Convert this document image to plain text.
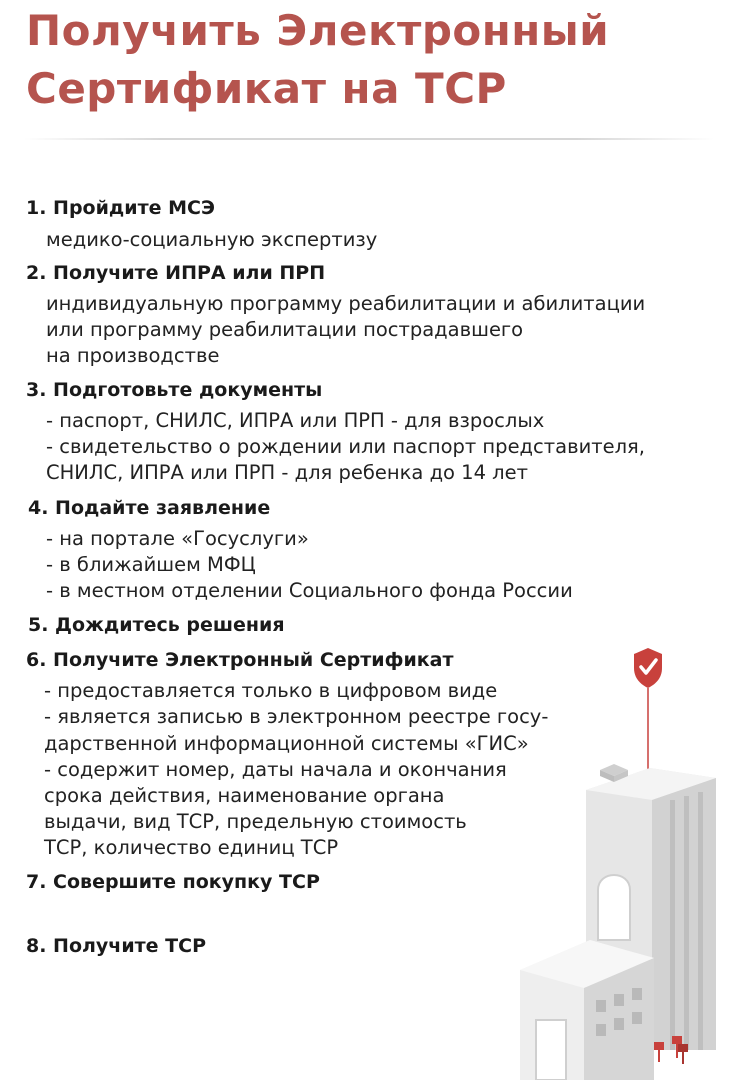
Получить Электронный
Сертификат на ТСР

1. Пройдите МСЭ

медико-социальную экспертизу

2. Получите ИПРА или ПРП

индивидуальную программу реабилитации и абилитации

или программу реабилитации пострадавшего

на производстве

3. Подготовьте документы

- паспорт, СНИЛС, ИПРА или ПРП - для взрослых

- свидетельство о рождении или паспорт представителя,

СНИЛС, ИПРА или ПРП - для ребенка до 14 лет

4. Подайте заявление

- на портале «Госуслуги»

- в ближайшем МФЦ

- в местном отделении Социального фонда России

5. Дождитесь решения

6. Получите Электронный Сертификат

- предоставляется только в цифровом виде

- является записью в электронном реестре госу-

дарственной информационной системы «ГИС»

- содержит номер, даты начала и окончания

срока действия, наименование органа

выдачи, вид ТСР, предельную стоимость

ТСР, количество единиц ТСР

7. Совершите покупку ТСР

8. Получите ТСР
